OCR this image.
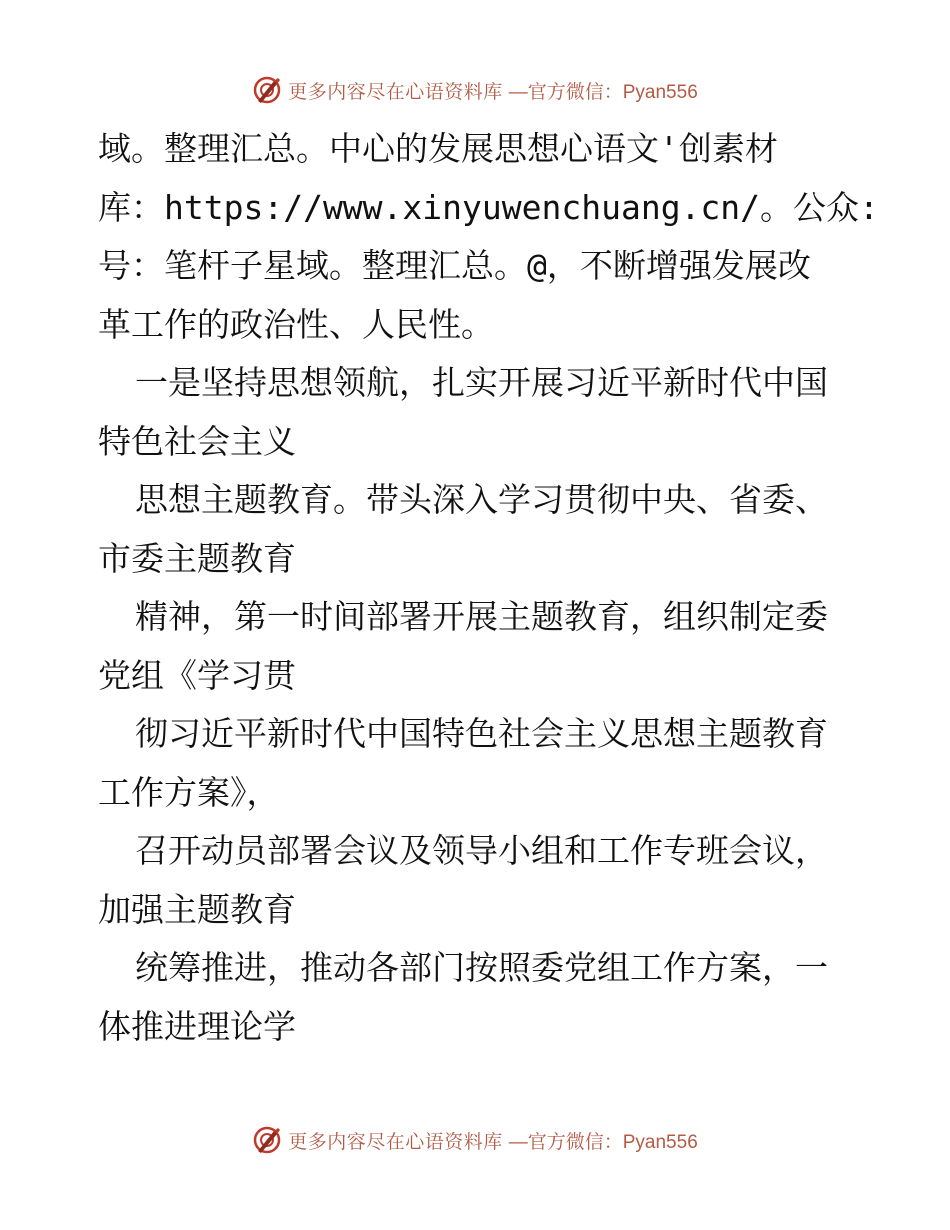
更多内容尽在心语资料库 —官方微信：Pyan556
域。整理汇总。中心的发展思想心语文'创素材
库：https://www.xinyuwenchuang.cn/。公众:
号：笔杆子星域。整理汇总。@，不断增强发展改
革工作的政治性、人民性。
一是坚持思想领航，扎实开展习近平新时代中国
特色社会主义
思想主题教育。带头深入学习贯彻中央、省委、
市委主题教育
精神，第一时间部署开展主题教育，组织制定委
党组《学习贯
彻习近平新时代中国特色社会主义思想主题教育
工作方案》，
召开动员部署会议及领导小组和工作专班会议，
加强主题教育
统筹推进，推动各部门按照委党组工作方案，一
体推进理论学
更多内容尽在心语资料库 —官方微信：Pyan556
